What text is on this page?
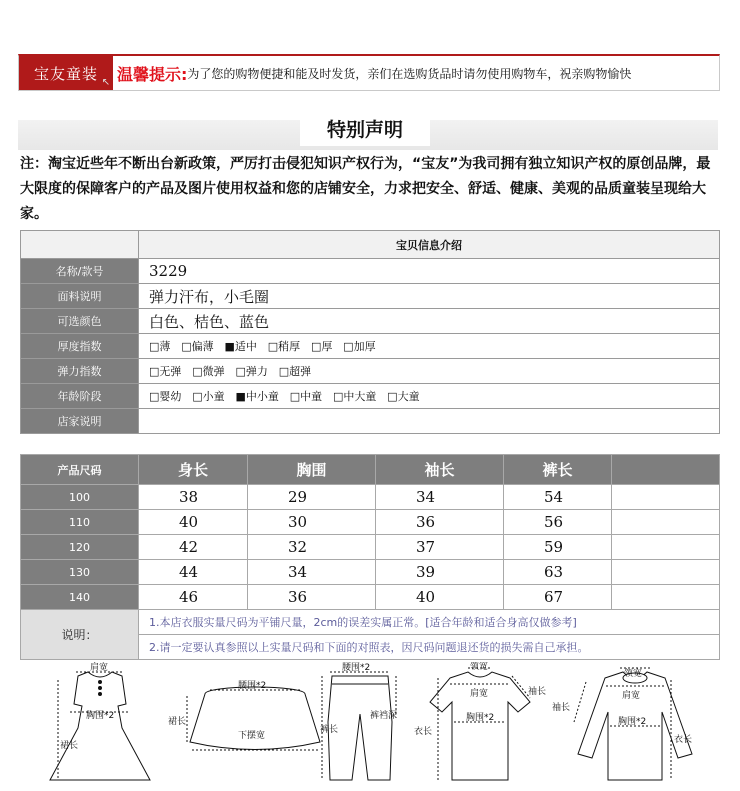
宝友童装 ↖ 温馨提示: 为了您的购物便捷和能及时发货，亲们在选购货品时请勿使用购物车，祝亲购物愉快
特别声明
注：淘宝近些年不断出台新政策，严厉打击侵犯知识产权行为，“宝友”为我司拥有独立知识产权的原创品牌，最大限度的保障客户的产品及图片使用权益和您的店铺安全，力求把安全、舒适、健康、美观的品质童装呈现给大家。
	宝贝信息介绍
名称/款号	3229
面料说明	弹力汗布，小毛圈
可选颜色	白色、桔色、蓝色
厚度指数	□薄 □偏薄 ■适中 □稍厚 □厚 □加厚
弹力指数	□无弹 □微弹 □弹力 □超弹
年龄阶段	□婴幼 □小童 ■中小童 □中童 □中大童 □大童
店家说明	
产品尺码	身长	胸围	袖长	裤长	
100	38	29	34	54	
110	40	30	36	56	
120	42	32	37	59	
130	44	34	39	63	
140	46	36	40	67	
说明：	1.本店衣服实量尺码为平铺尺量，2cm的误差实属正常。[适合年龄和适合身高仅做参考]				
	2.请一定要认真参照以上实量尺码和下面的对照表，因尺码问题退还货的损失需自己承担。				
肩宽
胸围*2
裙长
腰围*2
裙长
下摆宽
腰围*2
裤裆深
裤长
领宽
肩宽	袖长
胸围*2
衣长
领宽
肩宽
袖长
胸围*2
衣长
